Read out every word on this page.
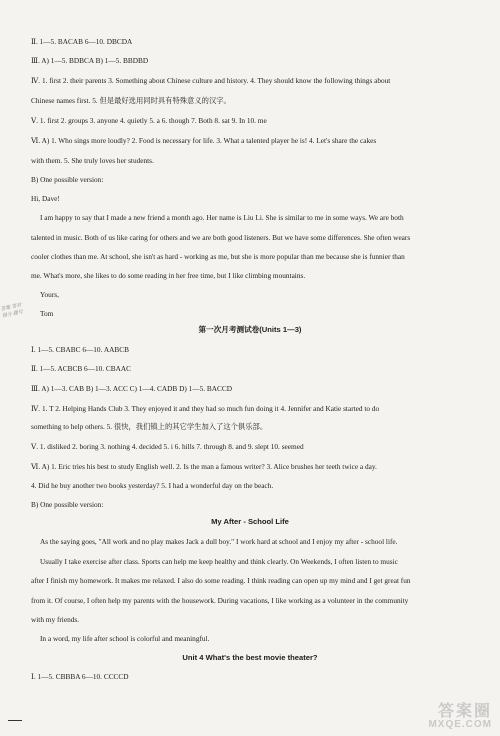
Ⅱ. 1—5. BACAB 6—10. DBCDA
Ⅲ. A) 1—5. BDBCA B) 1—5. BBDBD
Ⅳ. 1. first 2. their parents 3. Something about Chinese culture and history. 4. They should know the following things about
Chinese names first. 5. 但是最好选用同时具有特殊意义的汉字。
Ⅴ. 1. first 2. groups 3. anyone 4. quietly 5. a 6. though 7. Both 8. sat 9. In 10. me
Ⅵ. A) 1. Who sings more loudly? 2. Food is necessary for life. 3. What a talented player he is! 4. Let's share the cakes
with them. 5. She truly loves her students.
B) One possible version:
Hi, Dave!
I am happy to say that I made a new friend a month ago. Her name is Liu Li. She is similar to me in some ways. We are both
talented in music. Both of us like caring for others and we are both good listeners. But we have some differences. She often wears
cooler clothes than me. At school, she isn't as hard - working as me, but she is more popular than me because she is funnier than
me. What's more, she likes to do some reading in her free time, but I like climbing mountains.
Yours,
Tom
第一次月考测试卷(Units 1—3)
Ⅰ. 1—5. CBABC 6—10. AABCB
Ⅱ. 1—5. ACBCB 6—10. CBAAC
Ⅲ. A) 1—3. CAB B) 1—3. ACC C) 1—4. CADB D) 1—5. BACCD
Ⅳ. 1. T 2. Helping Hands Club 3. They enjoyed it and they had so much fun doing it 4. Jennifer and Katie started to do
something to help others. 5. 很快，我们镇上的其它学生加入了这个俱乐部。
Ⅴ. 1. disliked 2. boring 3. nothing 4. decided 5. i 6. hills 7. through 8. and 9. slept 10. seemed
Ⅵ. A) 1. Eric tries his best to study English well. 2. Is the man a famous writer? 3. Alice brushes her teeth twice a day.
4. Did he buy another two books yesterday? 5. I had a wonderful day on the beach.
B) One possible version:
My After - School Life
As the saying goes, "All work and no play makes Jack a dull boy." I work hard at school and I enjoy my after - school life.
Usually I take exercise after class. Sports can help me keep healthy and think clearly. On Weekends, I often listen to music
after I finish my homework. It makes me relaxed. I also do some reading. I think reading can open up my mind and I get great fun
from it. Of course, I often help my parents with the housework. During vacations, I like working as a volunteer in the community
with my friends.
In a word, my life after school is colorful and meaningful.
Unit 4 What's the best movie theater?
Ⅰ. 1—5. CBBBA 6—10. CCCCD
答案 答对 得分 题号
答案圈
MXQE.COM
